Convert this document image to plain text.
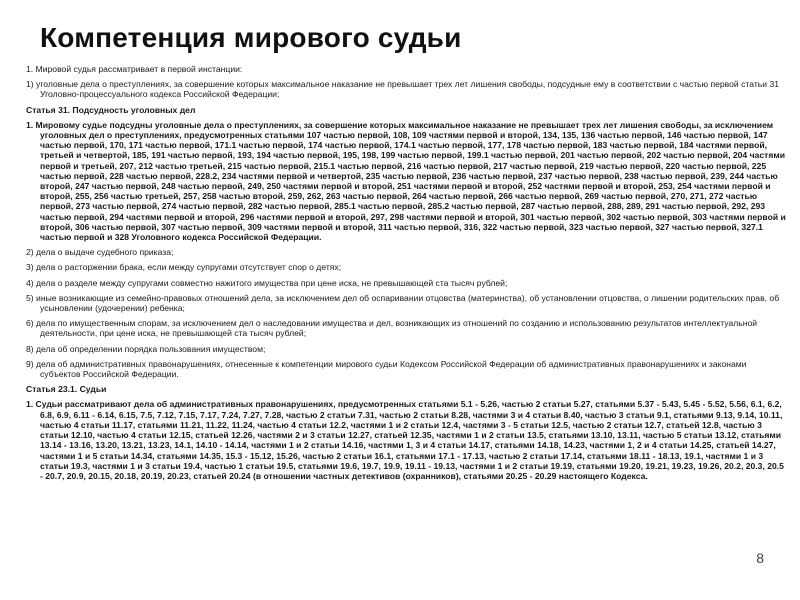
Компетенция мирового судьи

1. Мировой судья рассматривает в первой инстанции:

1) уголовные дела о преступлениях, за совершение которых максимальное наказание не превышает трех лет лишения свободы, подсудные ему в соответствии с частью первой статьи 31 Уголовно-процессуального кодекса Российской Федерации;

Статья 31. Подсудность уголовных дел

1. Мировому судье подсудны уголовные дела о преступлениях, за совершение которых максимальное наказание не превышает трех лет лишения свободы, за исключением уголовных дел о преступлениях, предусмотренных статьями 107 частью первой, 108, 109 частями первой и второй, 134, 135, 136 частью первой, 146 частью первой, 147 частью первой, 170, 171 частью первой, 171.1 частью первой, 174 частью первой, 174.1 частью первой, 177, 178 частью первой, 183 частью первой, 184 частями первой, третьей и четвертой, 185, 191 частью первой, 193, 194 частью первой, 195, 198, 199 частью первой, 199.1 частью первой, 201 частью первой, 202 частью первой, 204 частями первой и третьей, 207, 212 частью третьей, 215 частью первой, 215.1 частью первой, 216 частью первой, 217 частью первой, 219 частью первой, 220 частью первой, 225 частью первой, 228 частью первой, 228.2, 234 частями первой и четвертой, 235 частью первой, 236 частью первой, 237 частью первой, 238 частью первой, 239, 244 частью второй, 247 частью первой, 248 частью первой, 249, 250 частями первой и второй, 251 частями первой и второй, 252 частями первой и второй, 253, 254 частями первой и второй, 255, 256 частью третьей, 257, 258 частью второй, 259, 262, 263 частью первой, 264 частью первой, 266 частью первой, 269 частью первой, 270, 271, 272 частью первой, 273 частью первой, 274 частью первой, 282 частью первой, 285.1 частью первой, 285.2 частью первой, 287 частью первой, 288, 289, 291 частью первой, 292, 293 частью первой, 294 частями первой и второй, 296 частями первой и второй, 297, 298 частями первой и второй, 301 частью первой, 302 частью первой, 303 частями первой и второй, 306 частью первой, 307 частью первой, 309 частями первой и второй, 311 частью первой, 316, 322 частью первой, 323 частью первой, 327 частью первой, 327.1 частью первой и 328 Уголовного кодекса Российской Федерации.

2) дела о выдаче судебного приказа;

3) дела о расторжении брака, если между супругами отсутствует спор о детях;

4) дела о разделе между супругами совместно нажитого имущества при цене иска, не превышающей ста тысяч рублей;

5) иные возникающие из семейно-правовых отношений дела, за исключением дел об оспаривании отцовства (материнства), об установлении отцовства, о лишении родительских прав, об усыновлении (удочерении) ребенка;

6) дела по имущественным спорам, за исключением дел о наследовании имущества и дел, возникающих из отношений по созданию и использованию результатов интеллектуальной деятельности, при цене иска, не превышающей ста тысяч рублей;

8) дела об определении порядка пользования имуществом;

9) дела об административных правонарушениях, отнесенные к компетенции мирового судьи Кодексом Российской Федерации об административных правонарушениях и законами субъектов Российской Федерации.

Статья 23.1. Судьи

1. Судьи рассматривают дела об административных правонарушениях, предусмотренных статьями 5.1 - 5.26, частью 2 статьи 5.27, статьями 5.37 - 5.43, 5.45 - 5.52, 5.56, 6.1, 6.2, 6.8, 6.9, 6.11 - 6.14, 6.15, 7.5, 7.12, 7.15, 7.17, 7.24, 7.27, 7.28, частью 2 статьи 7.31, частью 2 статьи 8.28, частями 3 и 4 статьи 8.40, частью 3 статьи 9.1, статьями 9.13, 9.14, 10.11, частью 4 статьи 11.17, статьями 11.21, 11.22, 11.24, частью 4 статьи 12.2, частями 1 и 2 статьи 12.4, частями 3 - 5 статьи 12.5, частью 2 статьи 12.7, статьей 12.8, частью 3 статьи 12.10, частью 4 статьи 12.15, статьей 12.26, частями 2 и 3 статьи 12.27, статьей 12.35, частями 1 и 2 статьи 13.5, статьями 13.10, 13.11, частью 5 статьи 13.12, статьями 13.14 - 13.16, 13.20, 13.21, 13.23, 14.1, 14.10 - 14.14, частями 1 и 2 статьи 14.16, частями 1, 3 и 4 статьи 14.17, статьями 14.18, 14.23, частями 1, 2 и 4 статьи 14.25, статьей 14.27, частями 1 и 5 статьи 14.34, статьями 14.35, 15.3 - 15.12, 15.26, частью 2 статьи 16.1, статьями 17.1 - 17.13, частью 2 статьи 17.14, статьями 18.11 - 18.13, 19.1, частями 1 и 3 статьи 19.3, частями 1 и 3 статьи 19.4, частью 1 статьи 19.5, статьями 19.6, 19.7, 19.9, 19.11 - 19.13, частями 1 и 2 статьи 19.19, статьями 19.20, 19.21, 19.23, 19.26, 20.2, 20.3, 20.5 - 20.7, 20.9, 20.15, 20.18, 20.19, 20.23, статьей 20.24 (в отношении частных детективов (охранников), статьями 20.25 - 20.29 настоящего Кодекса.

8
